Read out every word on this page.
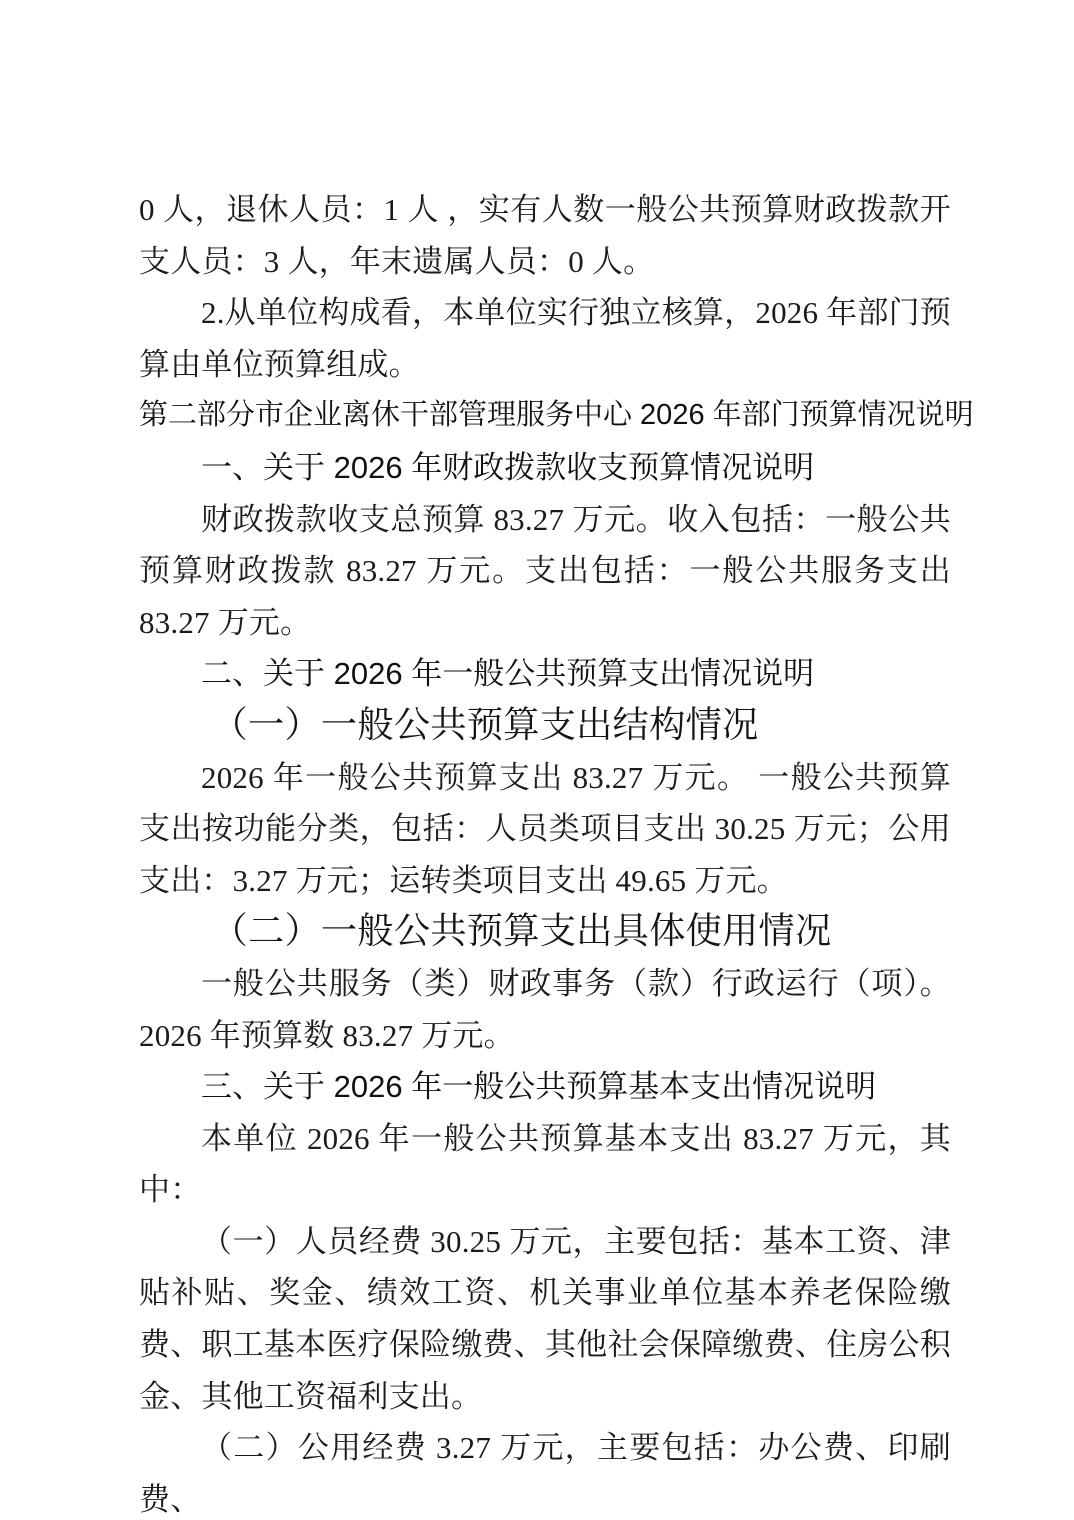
0 人，退休人员：1 人 ，实有人数一般公共预算财政拨款开支人员：3 人，年末遗属人员：0 人。

2.从单位构成看，本单位实行独立核算，2026 年部门预算由单位预算组成。

第二部分市企业离休干部管理服务中心 2026 年部门预算情况说明
一、关于 2026 年财政拨款收支预算情况说明

财政拨款收支总预算 83.27 万元。收入包括：一般公共预算财政拨款 83.27 万元。支出包括：一般公共服务支出 83.27 万元。

二、关于 2026 年一般公共预算支出情况说明
（一）一般公共预算支出结构情况

2026 年一般公共预算支出 83.27 万元。 一般公共预算支出按功能分类，包括：人员类项目支出 30.25 万元；公用支出：3.27 万元；运转类项目支出 49.65 万元。

（二）一般公共预算支出具体使用情况

一般公共服务（类）财政事务（款）行政运行（项）。2026 年预算数 83.27 万元。

三、关于 2026 年一般公共预算基本支出情况说明

本单位 2026 年一般公共预算基本支出 83.27 万元，其中：

（一）人员经费 30.25 万元，主要包括：基本工资、津贴补贴、奖金、绩效工资、机关事业单位基本养老保险缴费、职工基本医疗保险缴费、其他社会保障缴费、住房公积金、其他工资福利支出。

（二）公用经费 3.27 万元，主要包括：办公费、印刷费、
